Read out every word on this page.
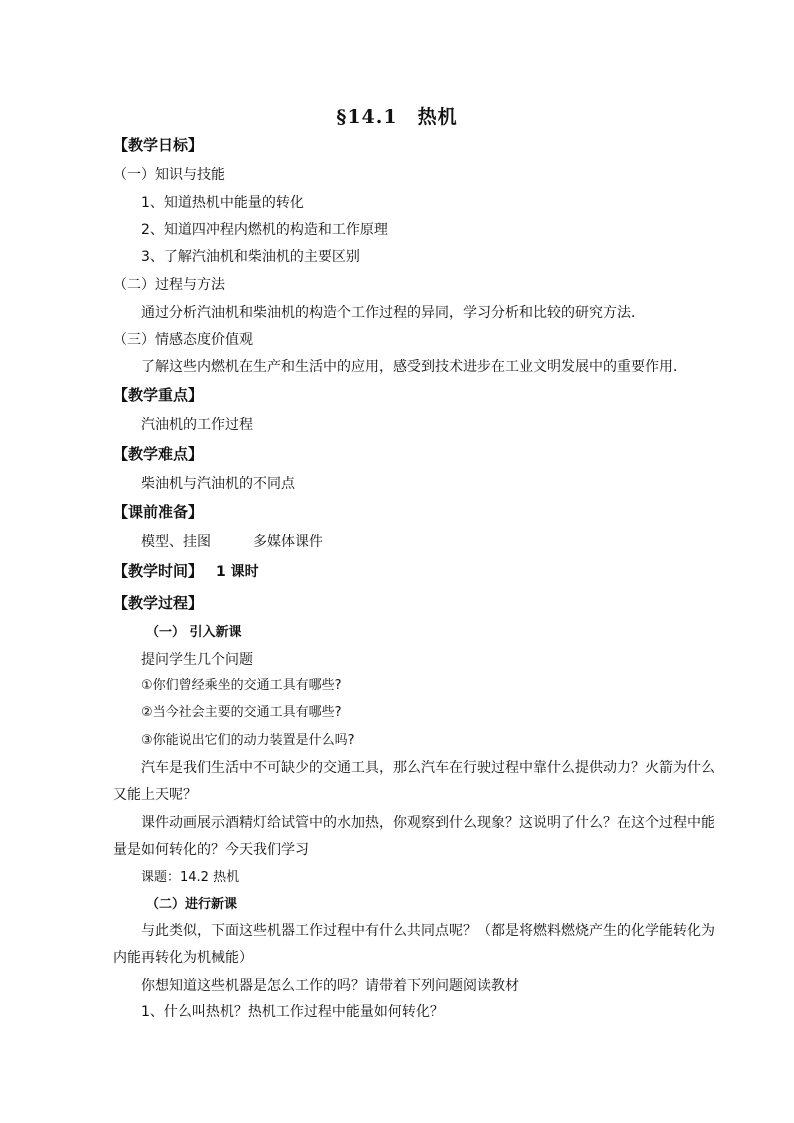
§14.1　热机
【教学日标】
（一）知识与技能
1、知道热机中能量的转化
2、知道四冲程内燃机的构造和工作原理
3、了解汽油机和柴油机的主要区别
（二）过程与方法
通过分析汽油机和柴油机的构造个工作过程的异同，学习分析和比较的研究方法．
（三）情感态度价值观
了解这些内燃机在生产和生活中的应用，感受到技术进步在工业文明发展中的重要作用．
【教学重点】
汽油机的工作过程
【教学难点】
柴油机与汽油机的不同点
【课前准备】
模型、挂图　　　多媒体课件
【教学时间】 1 课时
【教学过程】
（一） 引入新课
提问学生几个问题
①你们曾经乘坐的交通工具有哪些?
②当今社会主要的交通工具有哪些?
③你能说出它们的动力装置是什么吗?
汽车是我们生活中不可缺少的交通工具，那么汽车在行驶过程中靠什么提供动力？火箭为什么又能上天呢？
课件动画展示酒精灯给试管中的水加热，你观察到什么现象？这说明了什么？在这个过程中能量是如何转化的？今天我们学习
课题：14.2 热机
（二）进行新课
与此类似，下面这些机器工作过程中有什么共同点呢？（都是将燃料燃烧产生的化学能转化为内能再转化为机械能）
你想知道这些机器是怎么工作的吗？请带着下列问题阅读教材
1、什么叫热机？热机工作过程中能量如何转化？
